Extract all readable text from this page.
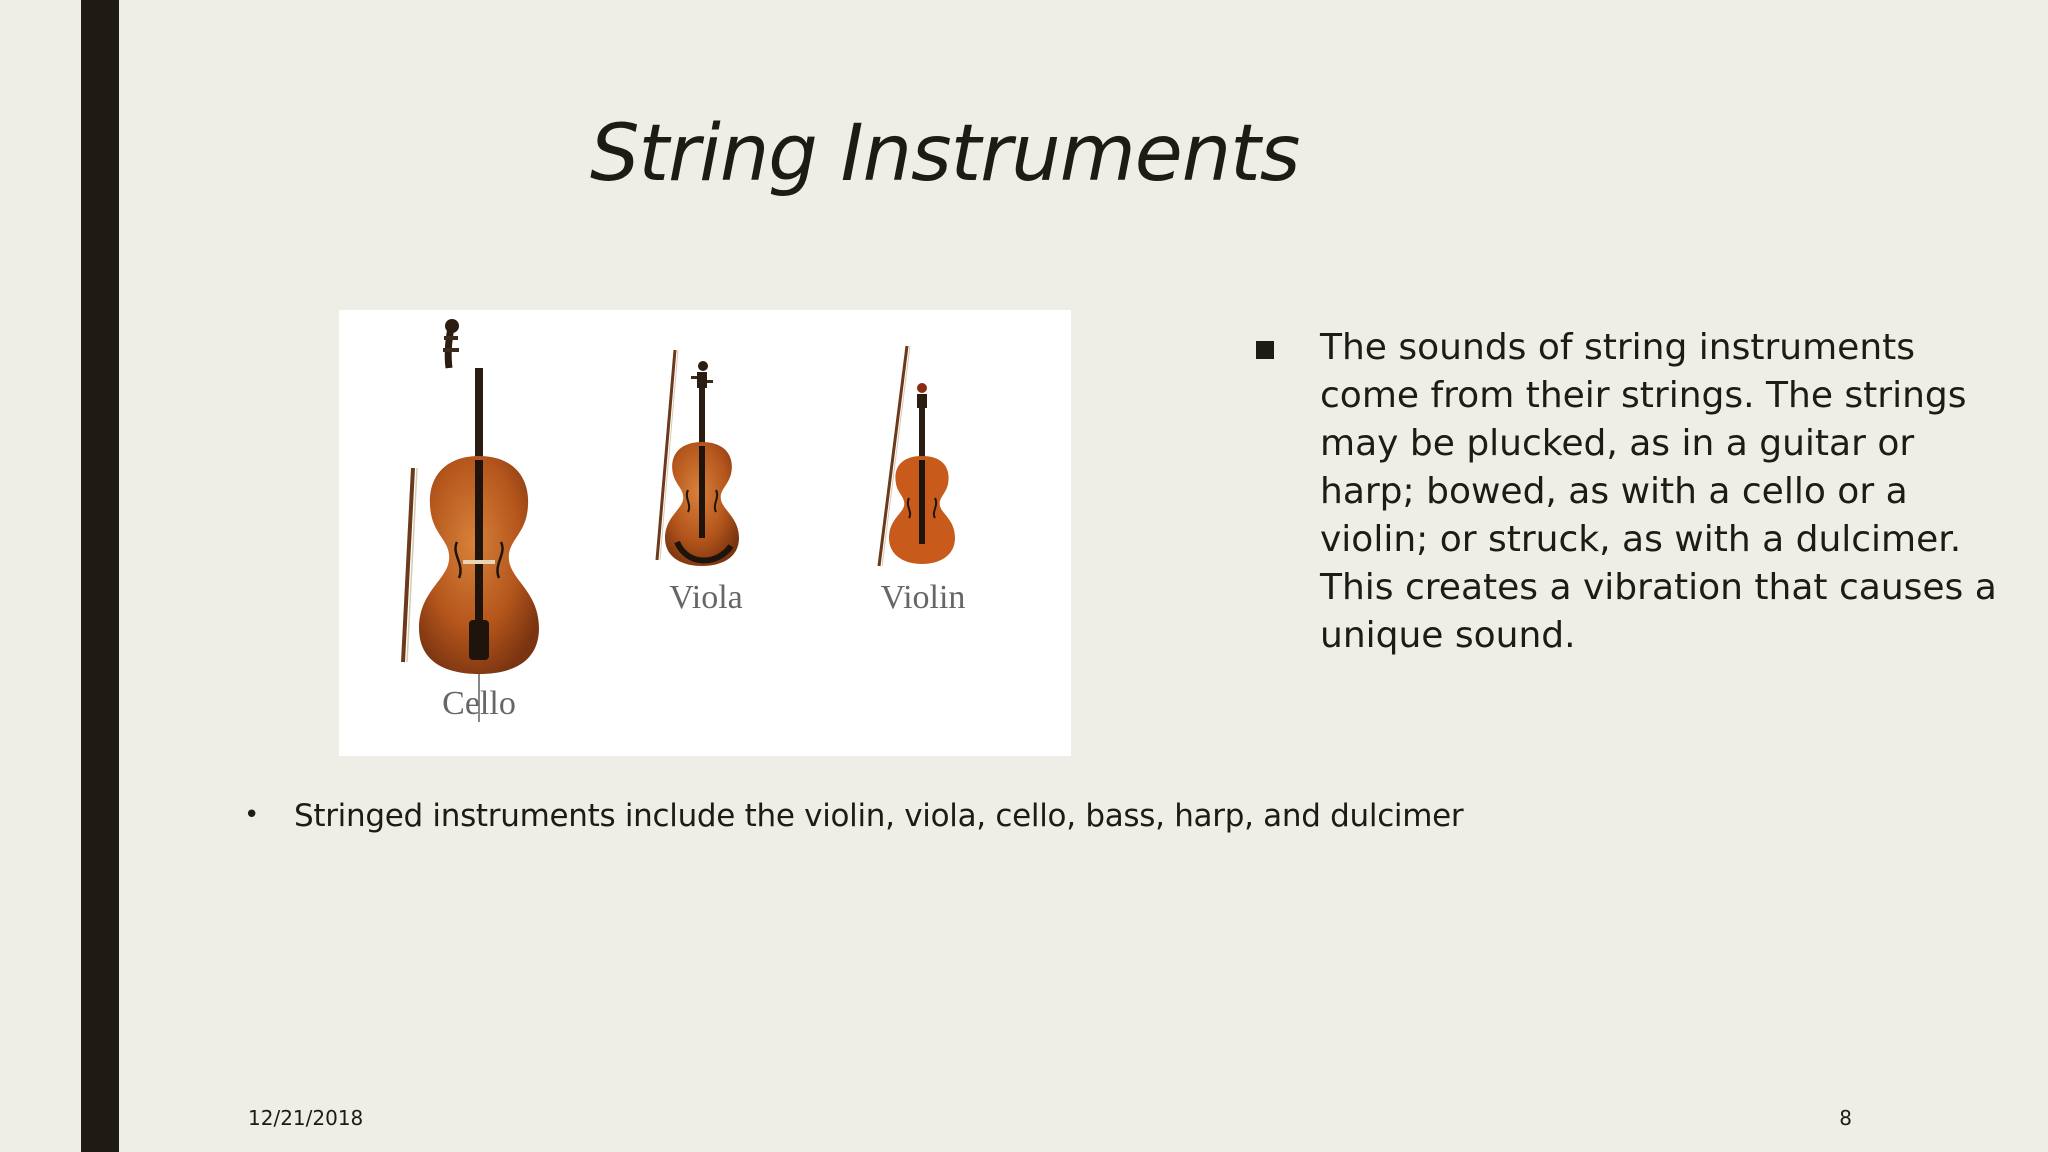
String Instruments
Cello
Viola	Violin
The sounds of string instruments come from their strings. The strings may be plucked, as in a guitar or harp; bowed, as with a cello or a violin; or struck, as with a dulcimer. This creates a vibration that causes a unique sound.
• Stringed instruments include the violin, viola, cello, bass, harp, and dulcimer
12/21/2018	8
